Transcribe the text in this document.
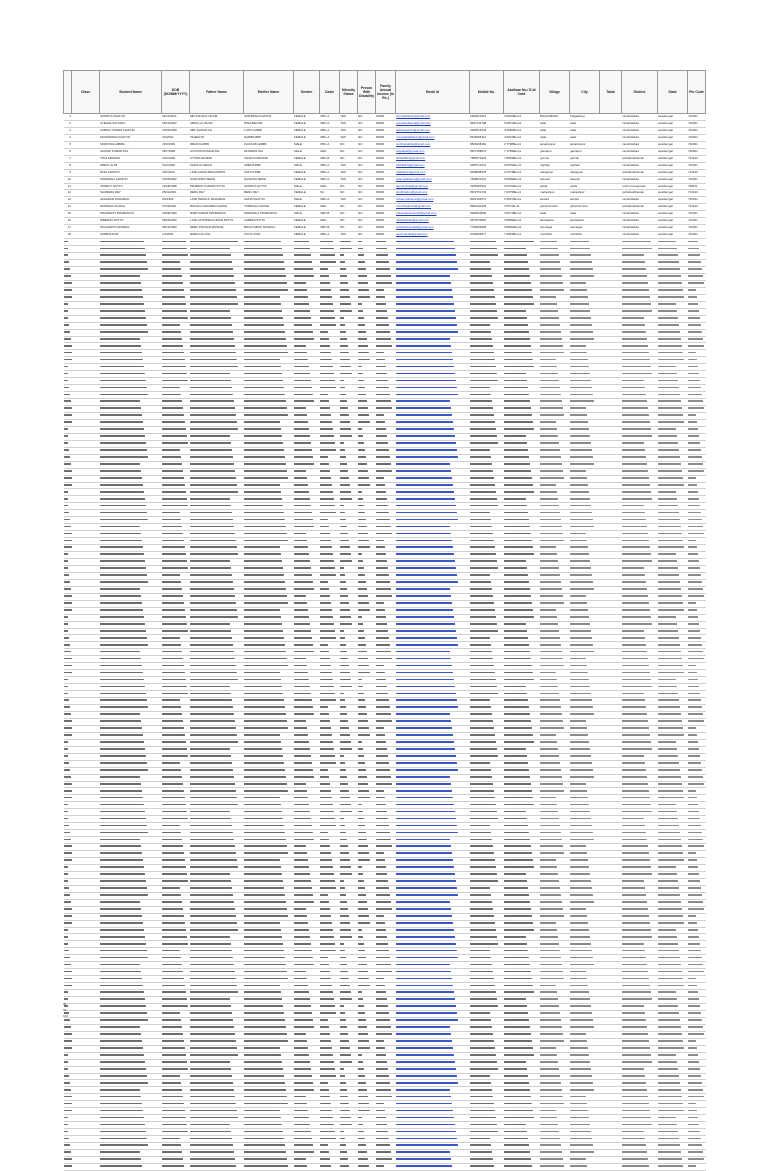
	Class	Student Name	DOB (DD/MM/YYYY)	Father Name	Mother Name	Gender	Caste	Minority Status	Person With Disability	Family Annual Income (In Rs.)	Email Id	Mobile No.	Aadhaar No./ E-Id Card	Village	City	Taluk	District	State	Pin Code
1		SUPRIYA KHATUN	04/11/2003	MD SAFIQUL ISLAM	SURJMINA KHATUN	FEMALE	OBC-A	YES	NO	90000	supriyakhatun@gmail.com	6296310413	3.56409E+11	BHAGABANG	bhagabang		murshidabad	westbengal	742401
2		AYESHA SULTANA	18/10/2002	ABDULLA ISLAM	RINA BEGUM	FEMALE	OBC-A	YES	NO	80000	ayeshasultana@gmail.com	8637344798	6.08723E+11	salar	salar		murshidabad	westbengal	742401
3		KABINA YASMIN KHATUN	16/06/1998	MIR SAIDUR ALI	LUTFIYA BIBI	FEMALE	OBC-A	YES	NO	80000	kabinayasmin@gmail.com	6295614433	3.35823E+11	salar	salar		murshidabad	westbengal	742401
4		MONOWARA KHATUN	4/1/2000	TAHER SK	HABIBA BIBI	FEMALE	OBC-A	YES	NO	80000	monowarakhatun@gmail.com	8436096414	4.60379E+11	salar	salar		murshidabad	westbengal	742401
5		SORIFINA HABIBA	23/3/1999	IMRAN HABIB	KALSUMI HABIB	MALE	OBC-A	NO	NO	80000	sorifinahabiba@gmail.com	8820208160	2.77986E+11	janardanpur	janardanpur		murshidabad	westbengal	742401
6		SAGNIK KUMAR PAL	28/7/1998	GOUTAM KUMAR PAL	MUNMUN PAL	MALE	GEN	NO	NO	80000	sagnikpal@gmail.com	8972788674	7.17696E+11	gaurapur	gaurapur		murshidabad	westbengal	742401
7		TITHI ADHIKRI	12/3/1999	UTTAM ADHIKRI	ANANYA ADHIKRI	FEMALE	OBC-B	NO	NO	80000	tithiadhikri@gmail.com	7586572323	7.80539E+11	gurmai	gurmai		purbabardhaman	westbengal	713140
8		ABDUL ALIM	5/12/1992	FAZALUL SEIKH	AMENA BIBI	MALE	OBC-A	YES	NO	80000	abdulalim@gmail.com	6295713121	9.69754E+11	nigrhati	nigrhati		murshidabad	westbengal	742401
9		RIJIA KHATUN	25/2/2001	LATE ASRAF BAKAUDDIN	SUFIYA BIBI	FEMALE	OBC-A	YES	NO	80000	rijiakhatun@gmail.com	8348085078	2.43738E+11	debagram	debagram		purbabardhaman	westbengal	713140
10		SWARNALI KHATUN	13/05/2002	SAIFUDDIN SEIKH	NASHINA SEIKH	FEMALE	OBC-A	YES	NO	80000	swarnalikhatun@gmail.com	7548603114	9.58092E+11	barandi	barandi		murshidabad	westbengal	742401
11		TANMOY DUTTA	13/08/1998	PRABHAT KUMAR DUTTA	SUPRIYA DUTTA	MALE	GEN	NO	NO	80000	tanmoydutta@gmail.com	6296487844	9.00704E+11	ghola	ghola		north 24 parganas	westbengal	700111
12		SHUBHRA DEY	25/02/2001	DEBU DEY	RENU DEY	FEMALE	SC	NO	NO	80000	shubhradey@gmail.com	8972751734	7.09795E+11	mahashpur	mahashpur		purbabardhaman	westbengal	713140
13		AZHARUR RAHAMAN	5/2/1999	LATE ISRAFUL RAHAMAN	SAFIA KHATUN	MALE	OBC-A	YES	NO	80000	azharurrahaman@gmail.com	8001164974	9.35074E+11	kandra	kandra		murshidabad	westbengal	742401
14		MONISHA GHOSH	27/09/2001	BIKASH CHANDRA GHOSH	TUMPAHA GHOSH	FEMALE	GEN	NO	NO	80000	monishaghosh@gmail.com	8906191403	3.3572E+11	ghoshchmara	ghoshchmara		purbabardhaman	westbengal	713140
15		PRASENJIT PRAMANICK	19/08/1999	RABI KUMAR PRAMANICK	MARIMALA PRAMANICK	MALE	OBC-B	NO	NO	80000	prasenjitpramanick@gmail.com	8296663839	3.52718E+11	salar	salar		murshidabad	westbengal	742401
16		NIBEDITA DUTTA	28/06/2000	LATE JATINDRA KUMAR DUTTA	KABERI DUTTA	FEMALE	GEN	NO	NO	80000	nibeditadutta@gmail.com	9679726681	3.86894E+11	kandapara	kandapara		murshidabad	westbengal	742401
17		SUCHARITA MONDAL	28/12/1999	DEBU PRASAD MONDAL	BHAGYABATI MONDAL	FEMALE	OBC-B	NO	NO	80000	sucharitamondal@gmail.com	7735369356	6.88204E+11	ramnagar	ramnagar		murshidabad	westbengal	742401
18		SAMIMA PAIK	1/1/2002	BABULLAL PAL	PULTU PAIK	FEMALE	OBC-A	YES	NO	80000	samimapaik@gmail.com	9749369377	7.48546E+11	murlidhar	murlidhar		murshidabad	westbengal	742401

98
99
100
